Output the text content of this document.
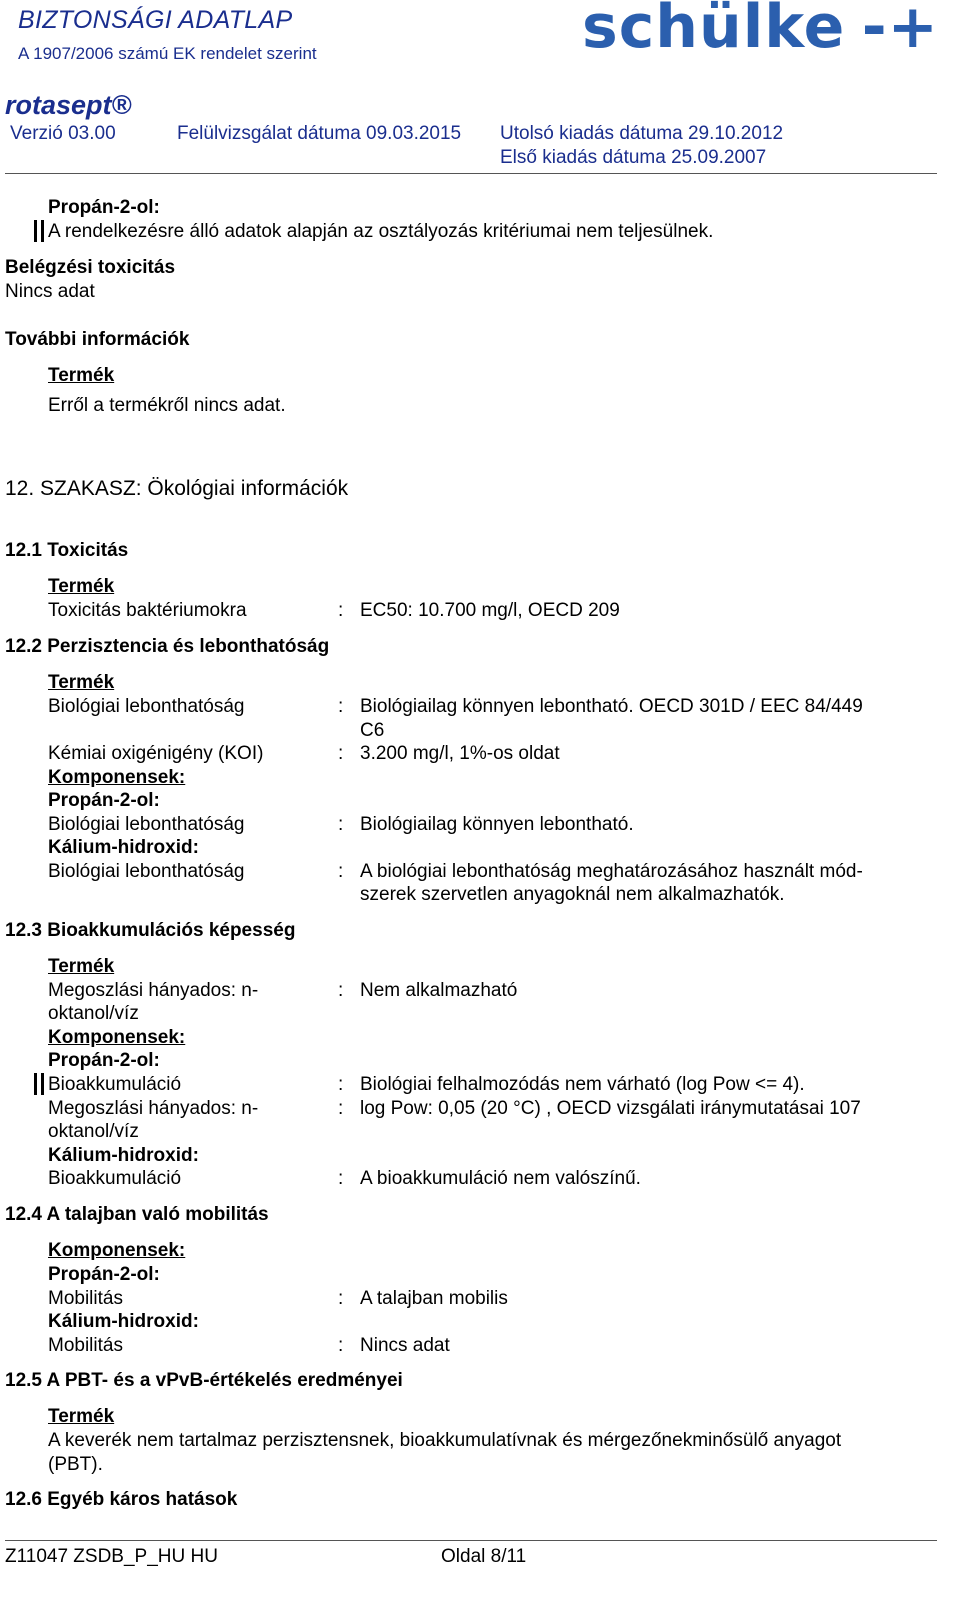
BIZTONSÁGI ADATLAP
A 1907/2006 számú EK rendelet szerint	schülke -+
rotasept®
Verzió 03.00	Felülvizsgálat dátuma 09.03.2015 Utolsó kiadás dátuma 29.10.2012
Első kiadás dátuma 25.09.2007
Propán-2-ol:
A rendelkezésre álló adatok alapján az osztályozás kritériumai nem teljesülnek.
Belégzési toxicitás
Nincs adat
További információk
Termék
Erről a termékről nincs adat.
12. SZAKASZ: Ökológiai információk
12.1 Toxicitás
Termék
Toxicitás baktériumokra	: EC50: 10.700 mg/l, OECD 209
12.2 Perzisztencia és lebonthatóság
Termék
Biológiai lebonthatóság	: Biológiailag könnyen lebontható. OECD 301D / EEC 84/449
C6
Kémiai oxigénigény (KOI)	: 3.200 mg/l, 1%-os oldat
Komponensek:
Propán-2-ol:
Biológiai lebonthatóság	: Biológiailag könnyen lebontható.
Kálium-hidroxid:
Biológiai lebonthatóság	: A biológiai lebonthatóság meghatározásához használt mód-
szerek szervetlen anyagoknál nem alkalmazhatók.
12.3 Bioakkumulációs képesség
Termék
Megoszlási hányados: n-
oktanol/víz
: Nem alkalmazható
Komponensek:
Propán-2-ol:
Bioakkumuláció	: Biológiai felhalmozódás nem várható (log Pow <= 4).
Megoszlási hányados: n-
oktanol/víz
: log Pow: 0,05 (20 °C) , OECD vizsgálati iránymutatásai 107
Kálium-hidroxid:
Bioakkumuláció	: A bioakkumuláció nem valószínű.
12.4 A talajban való mobilitás
Komponensek:
Propán-2-ol:
Mobilitás	: A talajban mobilis
Kálium-hidroxid:
Mobilitás	: Nincs adat
12.5 A PBT- és a vPvB-értékelés eredményei
Termék
A keverék nem tartalmaz perzisztensnek, bioakkumulatívnak és mérgezőnekminősülő anyagot
(PBT).
12.6 Egyéb káros hatások
Z11047 ZSDB_P_HU HU	Oldal 8/11
